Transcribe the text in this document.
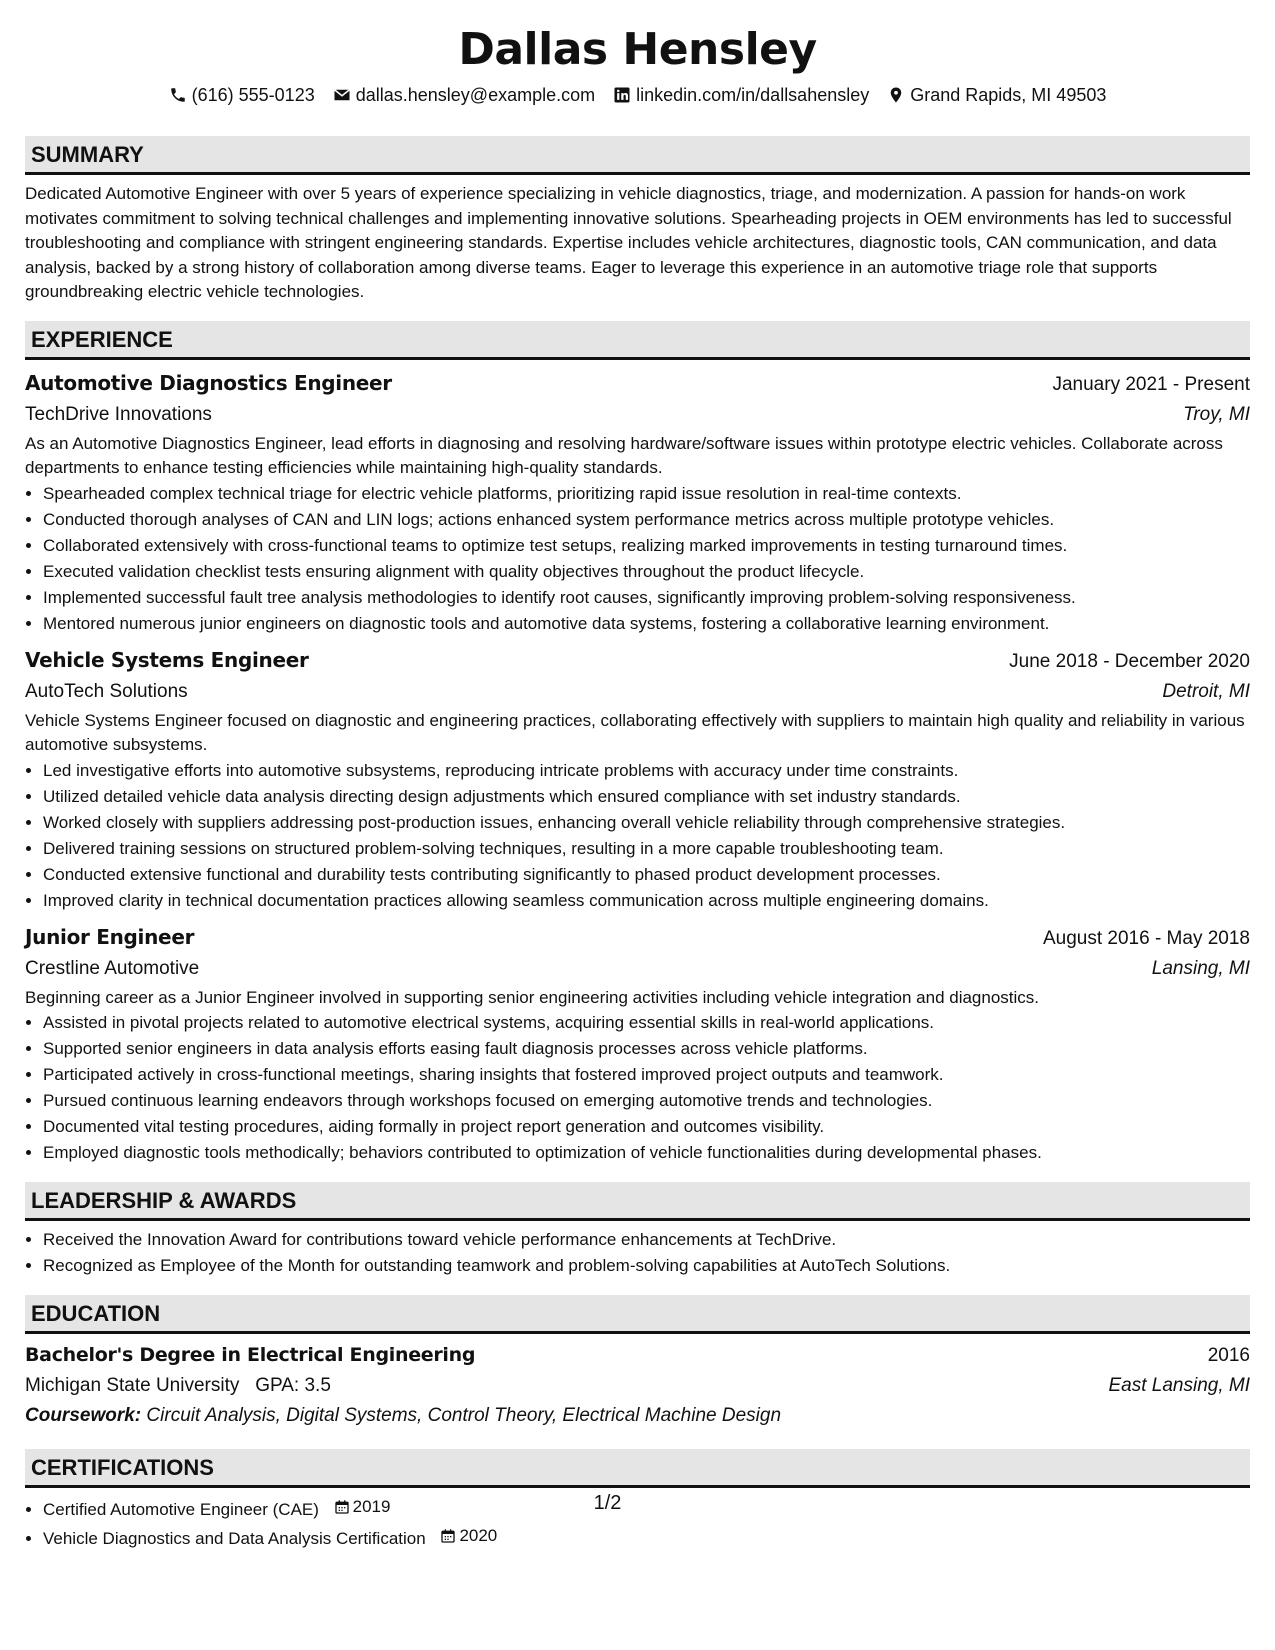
Dallas Hensley
(616) 555-0123 dallas.hensley@example.com linkedin.com/in/dallsahensley Grand Rapids, MI 49503
SUMMARY
Dedicated Automotive Engineer with over 5 years of experience specializing in vehicle diagnostics, triage, and modernization. A passion for hands-on work motivates commitment to solving technical challenges and implementing innovative solutions. Spearheading projects in OEM environments has led to successful troubleshooting and compliance with stringent engineering standards. Expertise includes vehicle architectures, diagnostic tools, CAN communication, and data analysis, backed by a strong history of collaboration among diverse teams. Eager to leverage this experience in an automotive triage role that supports groundbreaking electric vehicle technologies.
EXPERIENCE
Automotive Diagnostics Engineer	January 2021 - Present
TechDrive Innovations	Troy, MI
As an Automotive Diagnostics Engineer, lead efforts in diagnosing and resolving hardware/software issues within prototype electric vehicles. Collaborate across departments to enhance testing efficiencies while maintaining high-quality standards.
• Spearheaded complex technical triage for electric vehicle platforms, prioritizing rapid issue resolution in real-time contexts.
• Conducted thorough analyses of CAN and LIN logs; actions enhanced system performance metrics across multiple prototype vehicles.
• Collaborated extensively with cross-functional teams to optimize test setups, realizing marked improvements in testing turnaround times.
• Executed validation checklist tests ensuring alignment with quality objectives throughout the product lifecycle.
• Implemented successful fault tree analysis methodologies to identify root causes, significantly improving problem-solving responsiveness.
• Mentored numerous junior engineers on diagnostic tools and automotive data systems, fostering a collaborative learning environment.
Vehicle Systems Engineer	June 2018 - December 2020
AutoTech Solutions	Detroit, MI
Vehicle Systems Engineer focused on diagnostic and engineering practices, collaborating effectively with suppliers to maintain high quality and reliability in various automotive subsystems.
• Led investigative efforts into automotive subsystems, reproducing intricate problems with accuracy under time constraints.
• Utilized detailed vehicle data analysis directing design adjustments which ensured compliance with set industry standards.
• Worked closely with suppliers addressing post-production issues, enhancing overall vehicle reliability through comprehensive strategies.
• Delivered training sessions on structured problem-solving techniques, resulting in a more capable troubleshooting team.
• Conducted extensive functional and durability tests contributing significantly to phased product development processes.
• Improved clarity in technical documentation practices allowing seamless communication across multiple engineering domains.
Junior Engineer	August 2016 - May 2018
Crestline Automotive	Lansing, MI
Beginning career as a Junior Engineer involved in supporting senior engineering activities including vehicle integration and diagnostics.
• Assisted in pivotal projects related to automotive electrical systems, acquiring essential skills in real-world applications.
• Supported senior engineers in data analysis efforts easing fault diagnosis processes across vehicle platforms.
• Participated actively in cross-functional meetings, sharing insights that fostered improved project outputs and teamwork.
• Pursued continuous learning endeavors through workshops focused on emerging automotive trends and technologies.
• Documented vital testing procedures, aiding formally in project report generation and outcomes visibility.
• Employed diagnostic tools methodically; behaviors contributed to optimization of vehicle functionalities during developmental phases.
LEADERSHIP & AWARDS
• Received the Innovation Award for contributions toward vehicle performance enhancements at TechDrive.
• Recognized as Employee of the Month for outstanding teamwork and problem-solving capabilities at AutoTech Solutions.
EDUCATION
Bachelor's Degree in Electrical Engineering	2016
Michigan State University GPA: 3.5	East Lansing, MI
Coursework: Circuit Analysis, Digital Systems, Control Theory, Electrical Machine Design
CERTIFICATIONS
• Certified Automotive Engineer (CAE) 2019
• Vehicle Diagnostics and Data Analysis Certification 2020
1/2
